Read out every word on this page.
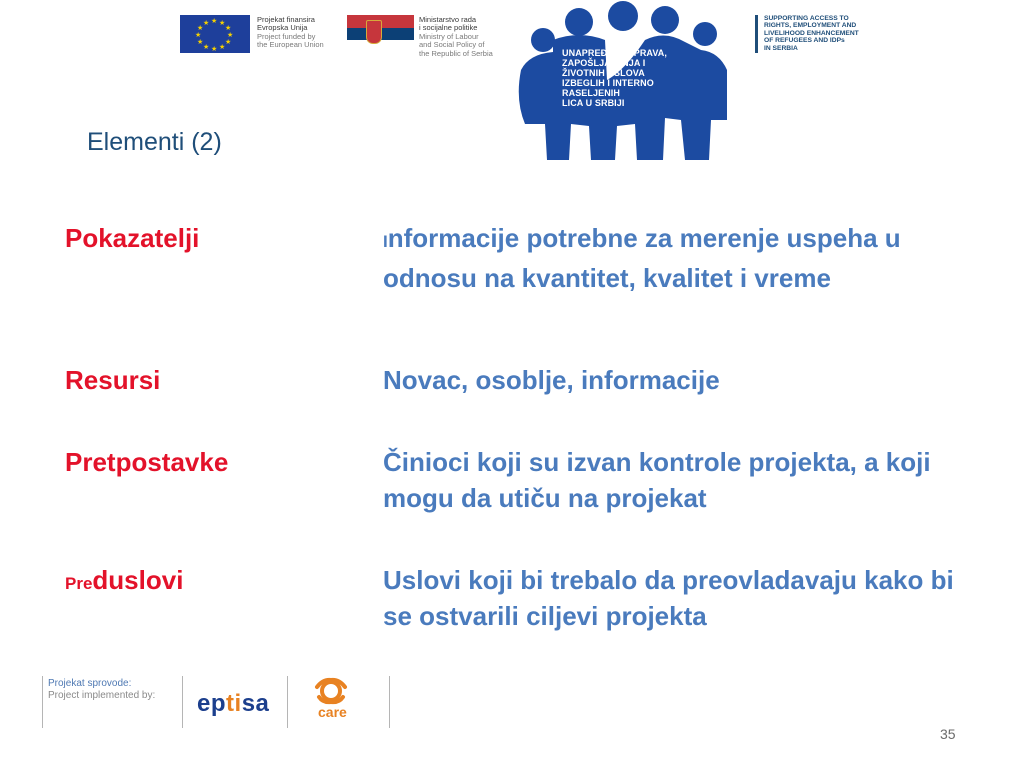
★ ★
★
★
★
★
★
★
★
★
★
★	Projekat finansira
Evropska Unija
Project funded by
the European Union
Ministarstvo rada
i socijalne politike
Ministry of Labour
and Social Policy of
the Republic of Serbia	UNAPREĐENJE PRAVA,
ZAPOŠLJAVANJA I
ŽIVOTNIH USLOVA
IZBEGLIH I INTERNO
RASELJENIH
LICA U SRBIJI
SUPPORTING ACCESS TO
RIGHTS, EMPLOYMENT AND
LIVELIHOOD ENHANCEMENT
OF REFUGEES AND IDPs
IN SERBIA
Elementi (2)
Pokazatelji	Informacije potrebne za merenje uspeha u odnosu na kvantitet, kvalitet i vreme
Resursi	Novac, osoblje, informacije
Pretpostavke	Činioci koji su izvan kontrole projekta, a koji mogu da utiču na projekat
Preduslovi	Uslovi koji bi trebalo da preovladavaju kako bi se ostvarili ciljevi projekta
Projekat sprovode:
Project implemented by: eptisa	care
35
